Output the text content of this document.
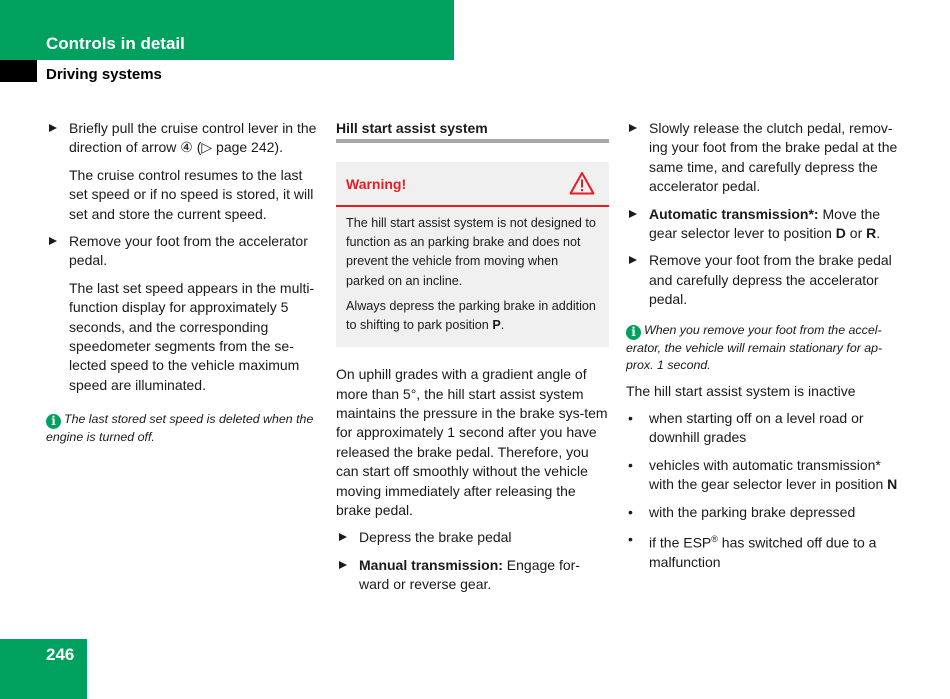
Controls in detail
Driving systems
Briefly pull the cruise control lever in the direction of arrow ④ (▷ page 242).
The cruise control resumes to the last set speed or if no speed is stored, it will set and store the current speed.
Remove your foot from the accelerator pedal.
The last set speed appears in the multi-function display for approximately 5 seconds, and the corresponding speedometer segments from the se-lected speed to the vehicle maximum speed are illuminated.
i The last stored set speed is deleted when the engine is turned off.
Hill start assist system
Warning!

The hill start assist system is not designed to function as an parking brake and does not prevent the vehicle from moving when parked on an incline.

Always depress the parking brake in addition to shifting to park position P.

On uphill grades with a gradient angle of more than 5°, the hill start assist system maintains the pressure in the brake sys-tem for approximately 1 second after you have released the brake pedal. Therefore, you can start off smoothly without the vehicle moving immediately after releasing the brake pedal.
Depress the brake pedal
Manual transmission: Engage for-ward or reverse gear.
Slowly release the clutch pedal, remov-ing your foot from the brake pedal at the same time, and carefully depress the accelerator pedal.
Automatic transmission*: Move the gear selector lever to position D or R.
Remove your foot from the brake pedal and carefully depress the accelerator pedal.
i When you remove your foot from the accel-erator, the vehicle will remain stationary for ap-prox. 1 second.
The hill start assist system is inactive
• when starting off on a level road or downhill grades
• vehicles with automatic transmission* with the gear selector lever in position N
• with the parking brake depressed
• if the ESP® has switched off due to a malfunction
246
